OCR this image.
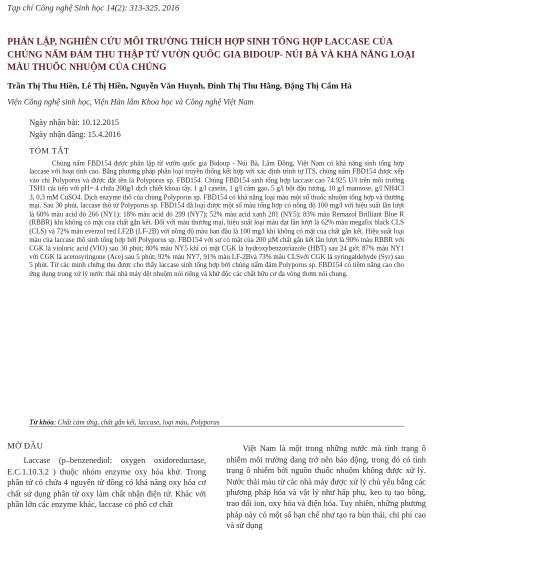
Tạp chí Công nghệ Sinh học 14(2): 313-325, 2016
PHÂN LẬP, NGHIÊN CỨU MÔI TRƯỜNG THÍCH HỢP SINH TỔNG HỢP LACCASE CỦA CHỦNG NẤM ĐẢM THU THẬP TỪ VƯỜN QUỐC GIA BIDOUP- NÚI BÀ VÀ KHẢ NĂNG LOẠI MÀU THUỐC NHUỘM CỦA CHÚNG
Trần Thị Thu Hiền, Lê Thị Hiền, Nguyễn Văn Huynh, Đinh Thị Thu Hằng, Đặng Thị Cẩm Hà
Viện Công nghệ sinh học, Viện Hàn lâm Khoa học và Công nghệ Việt Nam
Ngày nhận bài: 10.12.2015
Ngày nhận đăng: 15.4.2016
TÓM TẮT

Chủng nấm FBD154 được phân lập từ vườn quốc gia Bidoup - Núi Bà, Lâm Đồng, Việt Nam có khả năng sinh tổng hợp laccase với hoạt tính cao. Bằng phương pháp phân loại truyền thống kết hợp với xác định trình tự ITS, chủng nấm FBD154 được xếp vào chi Polyporus và được đặt tên là Polyporus sp. FBD154. Chủng FBD154 sinh tổng hợp laccase cao 74.925 U/l trên môi trường TSH1 cải tiến với pH= 4 chứa 200g/l dịch chiết khoai tây, 1 g/l casein, 1 g/l cám gạo, 5 g/l bột đậu tương, 10 g/l mannose, g/l NH4Cl 3, 0,3 mM CuSO4. Dịch enzyme thô của chủng Polyporus sp. FBD154 có khả năng loại màu một số thuốc nhuộm tổng hợp và thương mại. Sau 30 phút, laccase thô từ Polyporus sp. FBD154 đã loại được một số màu tổng hợp có nồng độ 100 mg/l với hiệu suất lần lượt là 60% màu acid đỏ 266 (NY1); 18% màu acid đỏ 299 (NY7); 52% màu acid xanh 281 (NY5); 83% màu Remazol Brilliant Blue R (RBBR) khi không có mặt của chất gắn kết. Đối với màu thương mại, hiệu suất loại màu đạt lần lượt là 62% màu megafix black CLS (CLS) và 72% màu everzol red LF2B (LF-2B) với nồng độ màu ban đầu là 100 mg/l khi không có mặt của chất gắn kết. Hiệu suất loại màu của laccase thô sinh tổng hợp bởi Polyporus sp. FBD154 với sự có mặt của 200 µM chất gắn kết lần lượt là 90% màu RBBR với CGK là violuric acid (VIO) sau 30 phút; 80% màu NY5 khi có mặt CGK là hydroxybenzotriazole (HBT) sau 24 giờ; 87% màu NY1 với CGK là acetosyringone (Ace) sau 5 phút; 92% màu NY7, 91% màu LF-2Bvà 73% màu CLSvới CGK là syringaldehyde (Syr) sau 5 phút. Từ các minh chứng thu được cho thấy laccase sinh tổng hợp bởi chủng nấm đảm Polyporus sp. FBD154 có tiềm năng cao cho ứng dụng trong xử lý nước thải nhà máy dệt nhuộm nói riêng và khử độc các chất hữu cơ đa vòng thơm nói chung.

Từ khóa: Chất cảm ứng, chất gắn kết, laccase, loại màu, Polyporus
MỞ ĐẦU

Laccase (p–benzenediol: oxygen oxidoreductase, E.C.1.10.3.2 ) thuộc nhóm enzyme oxy hóa khử. Trong phân tử có chứa 4 nguyên tử đồng có khả năng oxy hóa cơ chất sử dụng phân tử oxy làm chất nhận điện tử. Khác với phần lớn các enzyme khác, laccase có phổ cơ chất

Việt Nam là một trong những nước mà tình trạng ô nhiễm môi trường đang trở nên báo động, trong đó có tình trạng ô nhiễm bởi nguồn thuốc nhuộm không được xử lý. Nước thải màu từ các nhà máy được xử lý chủ yếu bằng các phương pháp hóa và vật lý như hấp phụ, keo tụ tạo bông, trao đổi ion, oxy hóa và điện hóa. Tuy nhiên, những phương pháp này có một số hạn chế như tạo ra bùn thải, chi phí cao và sử dụng
